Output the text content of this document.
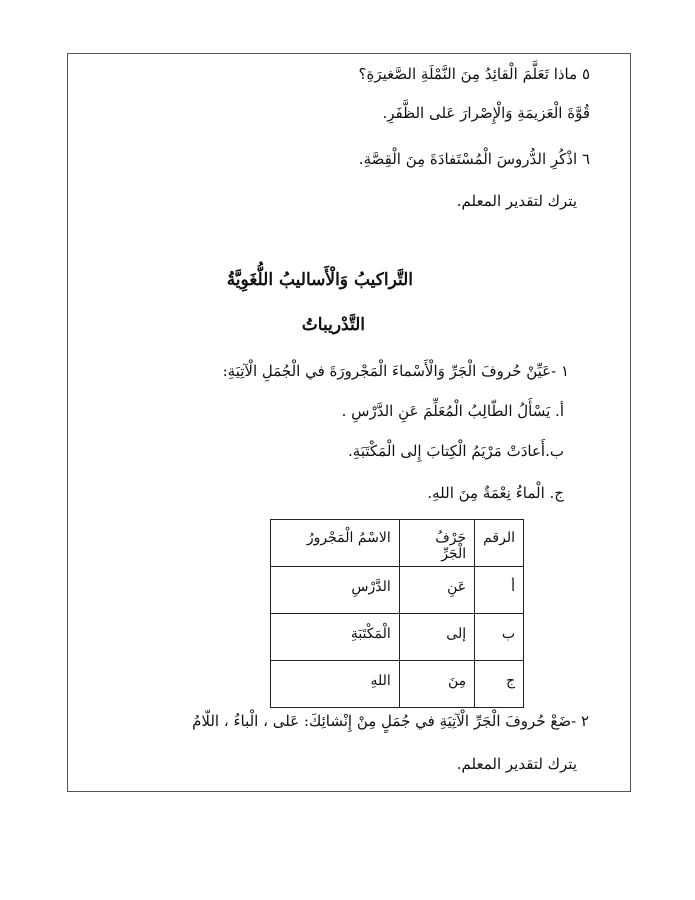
٥ ماذا تَعَلَّمَ الْقائِدُ مِنَ النَّمْلَةِ الصَّغيرَةِ؟
قُوَّةَ الْعَزيمَةِ وَالْإِصْرارَ عَلى الظَّفَرِ.
٦ اذْكُرِ الدُّروسَ الْمُسْتَفادَةَ مِنَ الْقِصَّةِ.
يترك لتقدير المعلم.
التَّراكيبُ وَالْأَساليبُ اللُّغَوِيَّةُ
التَّدْريباتُ
١ -عَيِّنْ حُروفَ الْجَرِّ وَالْأَسْماءَ الْمَجْرورَةَ في الْجُمَلِ الْآتِيَةِ:
أ. يَسْأَلُ الطّالِبُ الْمُعَلِّمَ عَنِ الدَّرْسِ .
ب.أَعادَتْ مَرْيَمُ الْكِتابَ إِلى الْمَكْتَبَةِ.
ج. الْماءُ نِعْمَةٌ مِنَ اللهِ.
الرقم	حَرْفُ الْجَرِّ	الاسْمُ الْمَجْرورُ
أ	عَنِ	الدَّرْسِ
ب	إلى	الْمَكْتَبَةِ
ج	مِنَ	اللهِ
٢ -ضَعْ حُروفَ الْجَرِّ الْآتِيَةِ في جُمَلٍ مِنْ إِنْشائِكَ: عَلى ، الْباءُ ، اللّامُ
يترك لتقدير المعلم.
